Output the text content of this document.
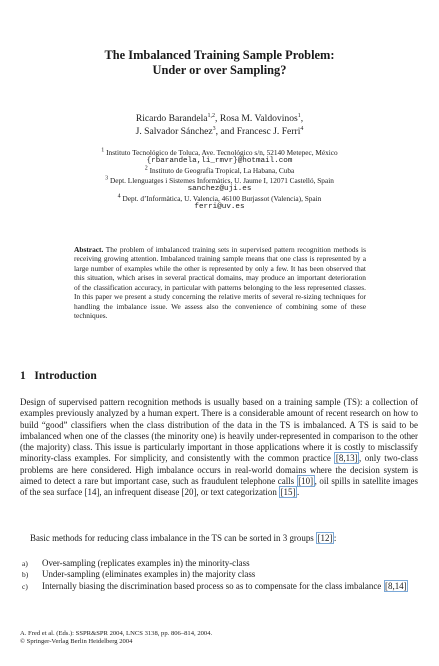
The Imbalanced Training Sample Problem:
Under or over Sampling?
Ricardo Barandela$^{1,2}$, Rosa M. Valdovinos$^1$,
J. Salvador Sánchez$^3$, and Francesc J. Ferri$^4$
$^1$ Instituto Tecnológico de Toluca, Ave. Tecnológico s/n, 52140 Metepec, México
{rbarandela,li_rmvr}@hotmail.com
$^2$ Instituto de Geografía Tropical, La Habana, Cuba
$^3$ Dept. Llenguatges i Sistemes Informàtics, U. Jaume I, 12071 Castelló, Spain
sanchez@uji.es
$^4$ Dept. d’Informàtica, U. Valencia, 46100 Burjassot (Valencia), Spain
ferri@uv.es
Abstract. The problem of imbalanced training sets in supervised pattern recognition methods is receiving growing attention. Imbalanced training sample means that one class is represented by a large number of examples while the other is represented by only a few. It has been observed that this situation, which arises in several practical domains, may produce an important deterioration of the classification accuracy, in particular with patterns belonging to the less represented classes. In this paper we present a study concerning the relative merits of several re-sizing techniques for handling the imbalance issue. We assess also the convenience of combining some of these techniques.
1 Introduction
Design of supervised pattern recognition methods is usually based on a training sample (TS): a collection of examples previously analyzed by a human expert. There is a considerable amount of recent research on how to build “good” classifiers when the class distribution of the data in the TS is imbalanced. A TS is said to be imbalanced when one of the classes (the minority one) is heavily under-represented in comparison to the other (the majority) class. This issue is particularly important in those applications where it is costly to misclassify minority-class examples. For simplicity, and consistently with the common practice [8,13] , only two-class problems are here considered. High imbalance occurs in real-world domains where the decision system is aimed to detect a rare but important case, such as fraudulent telephone calls [10] , oil spills in satellite images of the sea surface [14], an infrequent disease [20], or text categorization [15] .
Basic methods for reducing class imbalance in the TS can be sorted in 3 groups [12] :
a)	Over-sampling (replicates examples in) the minority-class
b)	Under-sampling (eliminates examples in) the majority class
c)	Internally biasing the discrimination based process so as to compensate for the class imbalance [8,14]
A. Fred et al. (Eds.): SSPR&SPR 2004, LNCS 3138, pp. 806–814, 2004.
© Springer-Verlag Berlin Heidelberg 2004
